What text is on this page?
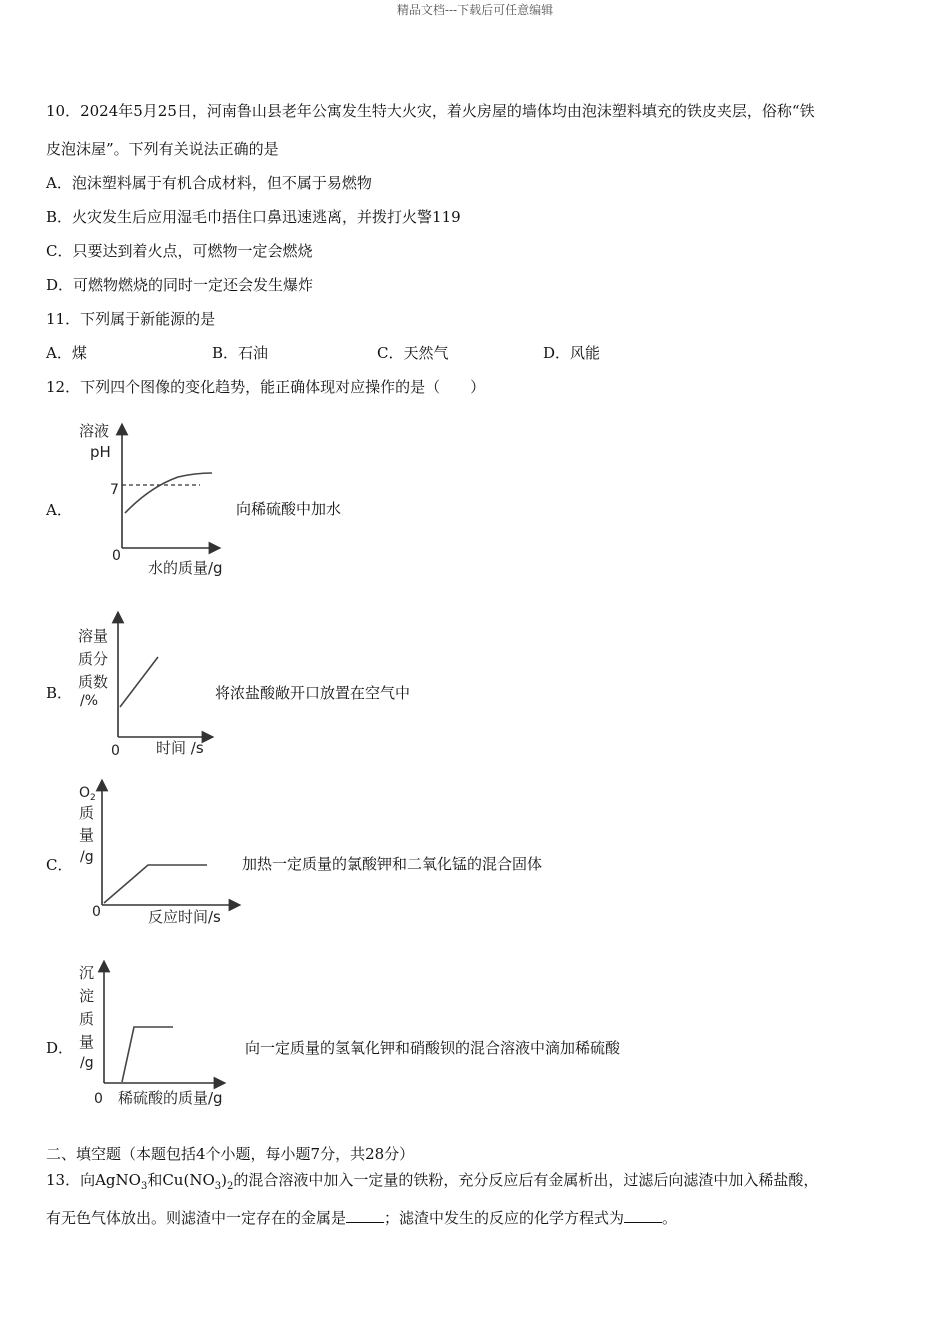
精品文档---下载后可任意编辑
10．2024年5月25日，河南鲁山县老年公寓发生特大火灾，着火房屋的墙体均由泡沫塑料填充的铁皮夹层，俗称“铁
皮泡沫屋”。下列有关说法正确的是
A．泡沫塑料属于有机合成材料，但不属于易燃物
B．火灾发生后应用湿毛巾捂住口鼻迅速逃离，并拨打火警119
C．只要达到着火点，可燃物一定会燃烧
D．可燃物燃烧的同时一定还会发生爆炸
11．下列属于新能源的是
A．煤	B．石油	C．天然气	D．风能
12．下列四个图像的变化趋势，能正确体现对应操作的是（　　）
A．
溶液
pH
7
0
水的质量/g
向稀硫酸中加水
B．
溶量
质分
质数
/%
0 时间 /s
将浓盐酸敞开口放置在空气中
C．
$O_2$
质
量
/g
0	反应时间/s
加热一定质量的氯酸钾和二氧化锰的混合固体
D．
沉
淀
质
量
/g
0 稀硫酸的质量/g
向一定质量的氢氧化钾和硝酸钡的混合溶液中滴加稀硫酸
二、填空题（本题包括4个小题，每小题7分，共28分）
13．向AgNO$_3$和$Cu(NO_3)_2$的混合溶液中加入一定量的铁粉，充分反应后有金属析出，过滤后向滤渣中加入稀盐酸，
有无色气体放出。则滤渣中一定存在的金属是	；滤渣中发生的反应的化学方程式为	。
